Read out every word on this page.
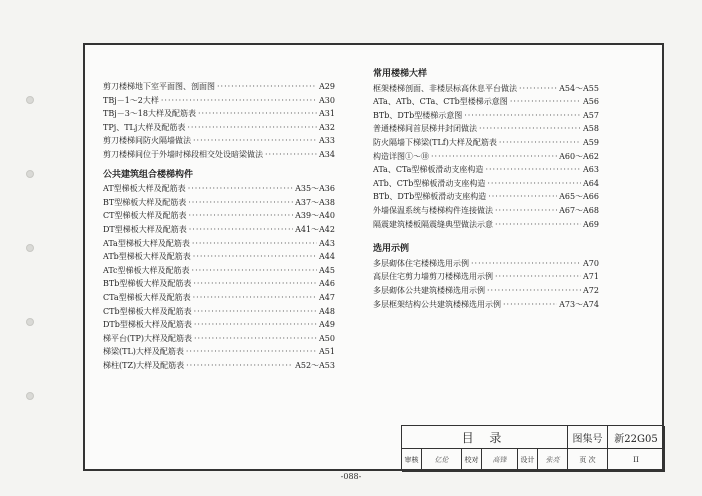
剪刀楼梯地下室平面图、剖面图 ·····	A29
TBj－1～2大样 ·····	A30
TBj－3～18大样及配筋表 ·····	A31
TPj、TLj大样及配筋表 ·····	A32
剪刀楼梯间防火隔墙做法 ·····	A33
剪刀楼梯间位于外墙时梯段相交处设暗梁做法 ·····	A34
公共建筑组合楼梯构件
AT型梯板大样及配筋表 ·····	A35～A36
BT型梯板大样及配筋表 ·····	A37～A38
CT型梯板大样及配筋表 ·····	A39～A40
DT型梯板大样及配筋表 ·····	A41～A42
ATa型梯板大样及配筋表 ·····	A43
ATb型梯板大样及配筋表 ·····	A44
ATc型梯板大样及配筋表 ·····	A45
BTb型梯板大样及配筋表 ·····	A46
CTa型梯板大样及配筋表 ·····	A47
CTb型梯板大样及配筋表 ·····	A48
DTb型梯板大样及配筋表 ·····	A49
梯平台(TP)大样及配筋表 ·····	A50
梯梁(TL)大样及配筋表 ·····	A51
梯柱(TZ)大样及配筋表 ·····	A52～A53
常用楼梯大样
框架楼梯剖面、非楼层标高休息平台做法 ·····	A54～A55
ATa、ATb、CTa、CTb型楼梯示意图 ·····	A56
BTb、DTb型楼梯示意图 ·····	A57
普通楼梯间首层梯井封闭做法 ·····	A58
防火隔墙下梯梁(TLf)大样及配筋表 ·····	A59
构造详图①～⑩ ·····	A60～A62
ATa、CTa型梯板滑动支座构造 ·····	A63
ATb、CTb型梯板滑动支座构造 ·····	A64
BTb、DTb型梯板滑动支座构造 ·····	A65～A66
外墙保温系统与楼梯构件连接做法 ·····	A67～A68
隔震建筑楼板隔震缝典型做法示意 ·····	A69
选用示例
多层砌体住宅楼梯选用示例 ·····	A70
高层住宅剪力墙剪刀楼梯选用示例 ·····	A71
多层砌体公共建筑楼梯选用示例 ·····	A72
多层框架结构公共建筑楼梯选用示例 ·····	A73～A74
目 录	图集号	新22G05
审核	亿伦	校对	高锋	设计	张亮	页 次	II
-088-
